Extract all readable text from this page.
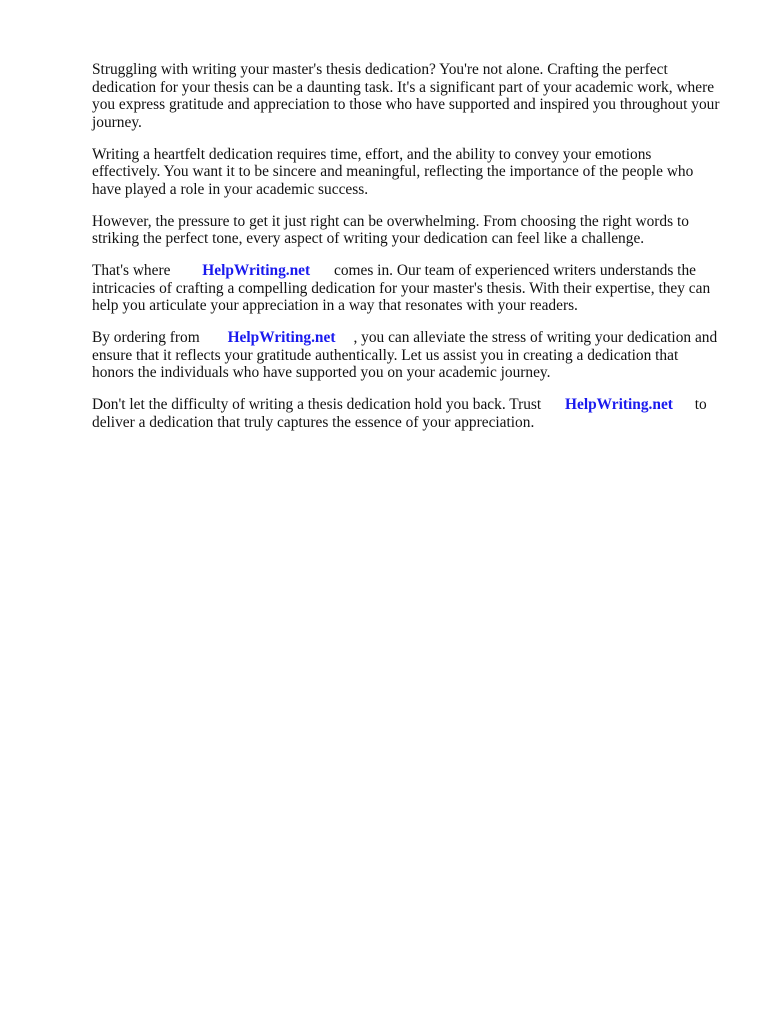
Struggling with writing your master's thesis dedication? You're not alone. Crafting the perfect dedication for your thesis can be a daunting task. It's a significant part of your academic work, where you express gratitude and appreciation to those who have supported and inspired you throughout your journey.

Writing a heartfelt dedication requires time, effort, and the ability to convey your emotions effectively. You want it to be sincere and meaningful, reflecting the importance of the people who have played a role in your academic success.

However, the pressure to get it just right can be overwhelming. From choosing the right words to striking the perfect tone, every aspect of writing your dedication can feel like a challenge.

That's where HelpWriting.net comes in. Our team of experienced writers understands the intricacies of crafting a compelling dedication for your master's thesis. With their expertise, they can help you articulate your appreciation in a way that resonates with your readers.

By ordering from HelpWriting.net , you can alleviate the stress of writing your dedication and ensure that it reflects your gratitude authentically. Let us assist you in creating a dedication that honors the individuals who have supported you on your academic journey.

Don't let the difficulty of writing a thesis dedication hold you back. Trust HelpWriting.net to deliver a dedication that truly captures the essence of your appreciation.
